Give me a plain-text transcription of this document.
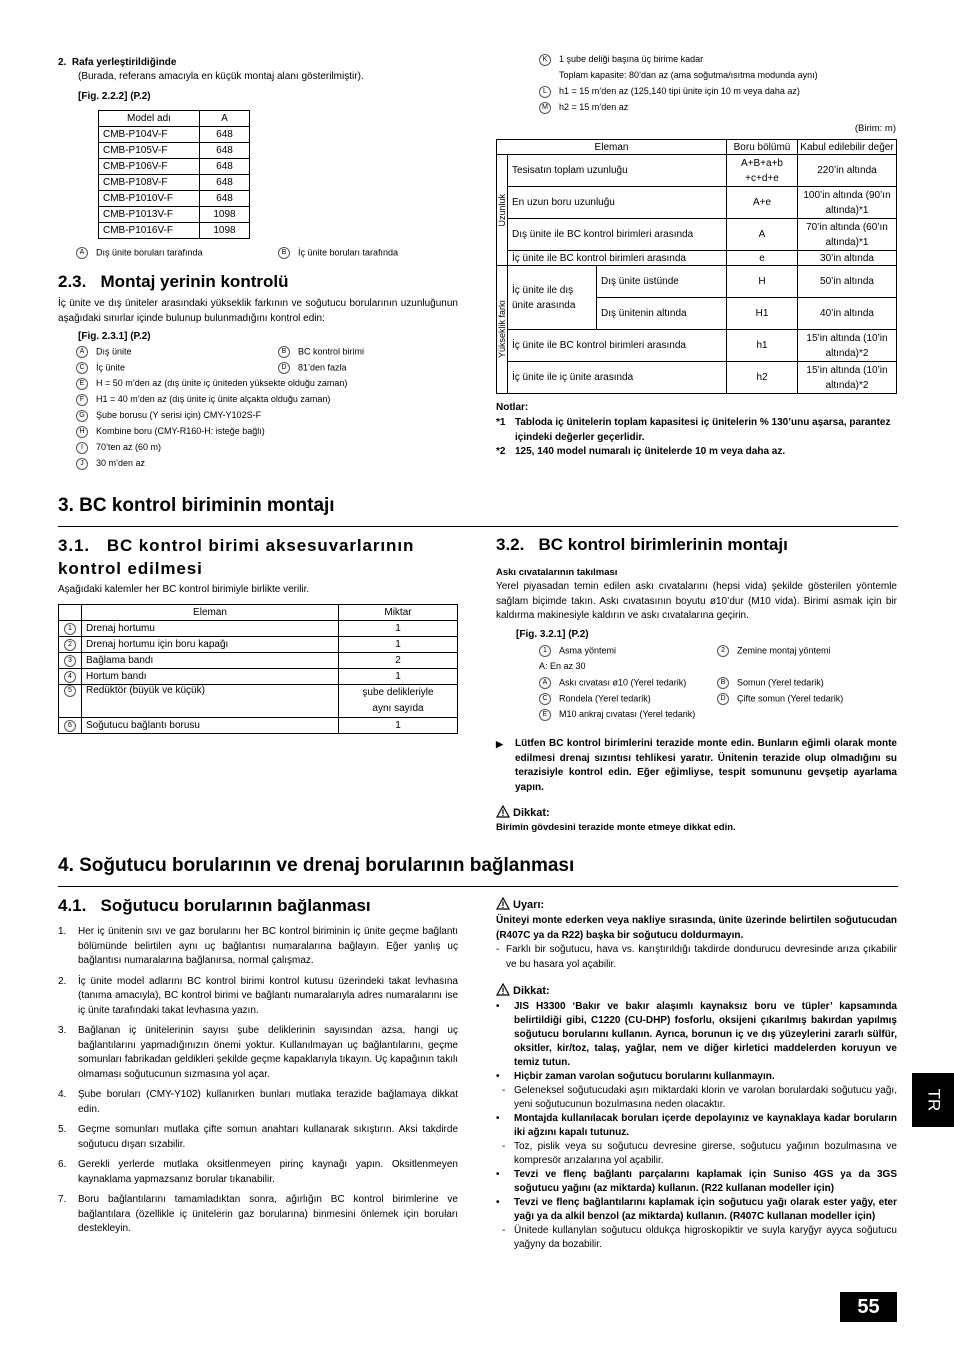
2.  Rafa yerleştirildiğinde
(Burada, referans amacıyla en küçük montaj alanı gösterilmiştir).
[Fig. 2.2.2] (P.2)
Model adı	A
CMB-P104V-F	648
CMB-P105V-F	648
CMB-P106V-F	648
CMB-P108V-F	648
CMB-P1010V-F	648
CMB-P1013V-F	1098
CMB-P1016V-F	1098
A Dış ünite boruları tarafında	B İç ünite boruları tarafında
2.3.   Montaj yerinin kontrolü
İç ünite ve dış üniteler arasındaki yükseklik farkının ve soğutucu borularının uzunluğunun aşağıdaki sınırlar içinde bulunup bulunmadığını kontrol edin:
[Fig. 2.3.1] (P.2)
A Dış ünite	B BC kontrol birimi
C İç ünite	D 81’den fazla
E	H = 50 m’den az (dış ünite iç üniteden yüksekte olduğu zaman)
F	H1 = 40 m’den az (dış ünite iç ünite alçakta olduğu zaman)
G	Şube borusu (Y serisi için) CMY-Y102S-F
H	Kombine boru (CMY-R160-H: isteğe bağlı)
I	70’ten az (60 m)
J	30 m’den az
K	1 şube deliği başına üç birime kadar
Toplam kapasite: 80’dan az (ama soğutma/ısıtma modunda aynı)
L	h1 = 15 m’den az (125,140 tipi ünite için 10 m veya daha az)
M	h2 = 15 m’den az
(Birim: m)
Eleman			Boru bölümü	Kabul edilebilir değer

Uzunluk	Tesisatın toplam uzunluğu		A+B+a+b +c+d+e	220’in altında
	En uzun boru uzunluğu		A+e	100’in altında (90’ın altında)*1
	Dış ünite ile BC kontrol birimleri arasında		A	70’in altında (60’ın altında)*1
	İç ünite ile BC kontrol birimleri arasında		e	30’in altında

Yükseklik farkı	İç ünite ile dış ünite arasında	Dış ünite üstünde	H	50’in altında
		Dış ünitenin altında	H1	40’in altında
	İç ünite ile BC kontrol birimleri arasında		h1	15’in altında (10’in altında)*2
	İç ünite ile iç ünite arasında		h2	15’in altında (10’in altında)*2
Notlar:
*1 Tabloda iç ünitelerin toplam kapasitesi iç ünitelerin % 130’unu aşarsa, parantez içindeki değerler geçerlidir.
*2 125, 140 model numaralı iç ünitelerde 10 m veya daha az.
3. BC kontrol biriminin montajı
3.1.   BC kontrol birimi aksesuvarlarının kontrol edilmesi
Aşağıdaki kalemler her BC kontrol birimiyle birlikte verilir.
	Eleman	Miktar
1	Drenaj hortumu	1
2	Drenaj hortumu için boru kapağı	1
3	Bağlama bandı	2
4	Hortum bandı	1
5	Redüktör (büyük ve küçük)	şube delikleriyle aynı sayıda
6	Soğutucu bağlantı borusu	1
3.2.   BC kontrol birimlerinin montajı
Askı cıvatalarının takılması
Yerel piyasadan temin edilen askı cıvatalarını (hepsi vida) şekilde gösterilen yöntemle sağlam biçimde takın. Askı cıvatasının boyutu ø10’dur (M10 vida). Birimi asmak için bir kaldırma makinesiyle kaldırın ve askı cıvatalarına geçirin.
[Fig. 3.2.1] (P.2)
1 Asma yöntemi	2 Zemine montaj yöntemi
A: En az 30
A Askı cıvatası ø10 (Yerel tedarik)	B Somun (Yerel tedarik)
C Rondela (Yerel tedarik)	D Çifte somun (Yerel tedarik)
E	M10 ankraj cıvatası (Yerel tedarik)
▶ Lütfen BC kontrol birimlerini terazide monte edin. Bunların eğimli olarak monte edilmesi drenaj sızıntısı tehlikesi yaratır. Ünitenin terazide olup olmadığını su terazisiyle kontrol edin. Eğer eğimliyse, tespit somununu gevşetip ayarlama yapın.
Dikkat:
Birimin gövdesini terazide monte etmeye dikkat edin.
4. Soğutucu borularının ve drenaj borularının bağlanması
4.1.   Soğutucu borularının bağlanması
1. Her iç ünitenin sıvı ve gaz borularını her BC kontrol biriminin iç ünite geçme bağlantı bölümünde belirtilen aynı uç bağlantısı numaralarına bağlayın. Eğer yanlış uç bağlantısı numaralarına bağlanırsa, normal çalışmaz.
2. İç ünite model adlarını BC kontrol birimi kontrol kutusu üzerindeki takat levhasına (tanıma amacıyla), BC kontrol birimi ve bağlantı numaralarıyla adres numaralarını ise iç ünite tarafındaki takat levhasına yazın.
3. Bağlanan iç ünitelerinin sayısı şube deliklerinin sayısından azsa, hangi uç bağlantılarını yapmadığınızın önemi yoktur. Kullanılmayan uç bağlantılarını, geçme somunları fabrikadan geldikleri şekilde geçme kapaklarıyla tıkayın. Uç kapağının takılı olmaması soğutucunun sızmasına yol açar.
4. Şube boruları (CMY-Y102) kullanırken bunları mutlaka terazide bağlamaya dikkat edin.
5. Geçme somunları mutlaka çifte somun anahtarı kullanarak sıkıştırın. Aksi takdirde soğutucu dışarı sızabilir.
6. Gerekli yerlerde mutlaka oksitlenmeyen pirinç kaynağı yapın. Oksitlenmeyen kaynaklama yapmazsanız borular tıkanabilir.
7. Boru bağlantılarını tamamladıktan sonra, ağırlığın BC kontrol birimlerine ve bağlantılara (özellikle iç ünitelerin gaz borularına) binmesini önlemek için boruları destekleyin.
Uyarı:
Üniteyi monte ederken veya nakliye sırasında, ünite üzerinde belirtilen soğutucudan (R407C ya da R22) başka bir soğutucu doldurmayın.
- Farklı bir soğutucu, hava vs. karıştırıldığı takdirde dondurucu devresinde arıza çıkabilir ve bu hasara yol açabilir.
Dikkat:
• JIS H3300 ‘Bakır ve bakır alaşımlı kaynaksız boru ve tüpler’ kapsamında belirtildiği gibi, C1220 (CU-DHP) fosforlu, oksijeni çıkarılmış bakırdan yapılmış soğutucu borularını kullanın. Ayrıca, borunun iç ve dış yüzeylerini zararlı sülfür, oksitler, kir/toz, talaş, yağlar, nem ve diğer kirletici maddelerden koruyun ve temiz tutun.
• Hiçbir zaman varolan soğutucu borularını kullanmayın.
- Geleneksel soğutucudaki aşırı miktardaki klorin ve varolan borulardaki soğutucu yağı, yeni soğutucunun bozulmasına neden olacaktır.
• Montajda kullanılacak boruları içerde depolayınız ve kaynaklaya kadar boruların iki ağzını kapalı tutunuz.
- Toz, pislik veya su soğutucu devresine girerse, soğutucu yağının bozulmasına ve kompresör arızalarına yol açabilir.
• Tevzi ve flenç bağlantı parçalarını kaplamak için Suniso 4GS ya da 3GS soğutucu yağını (az miktarda) kullanın. (R22 kullanan modeller için)
• Tevzi ve flenç bağlantılarını kaplamak için soğutucu yağı olarak ester yağy, eter yağı ya da alkil benzol (az miktarda) kullanın. (R407C kullanan modeller için)
- Ünitede kullanylan soğutucu oldukça higroskopiktir ve suyla karyğyr ayyca soğutucu yağyny da bozabilir.
TR
55
